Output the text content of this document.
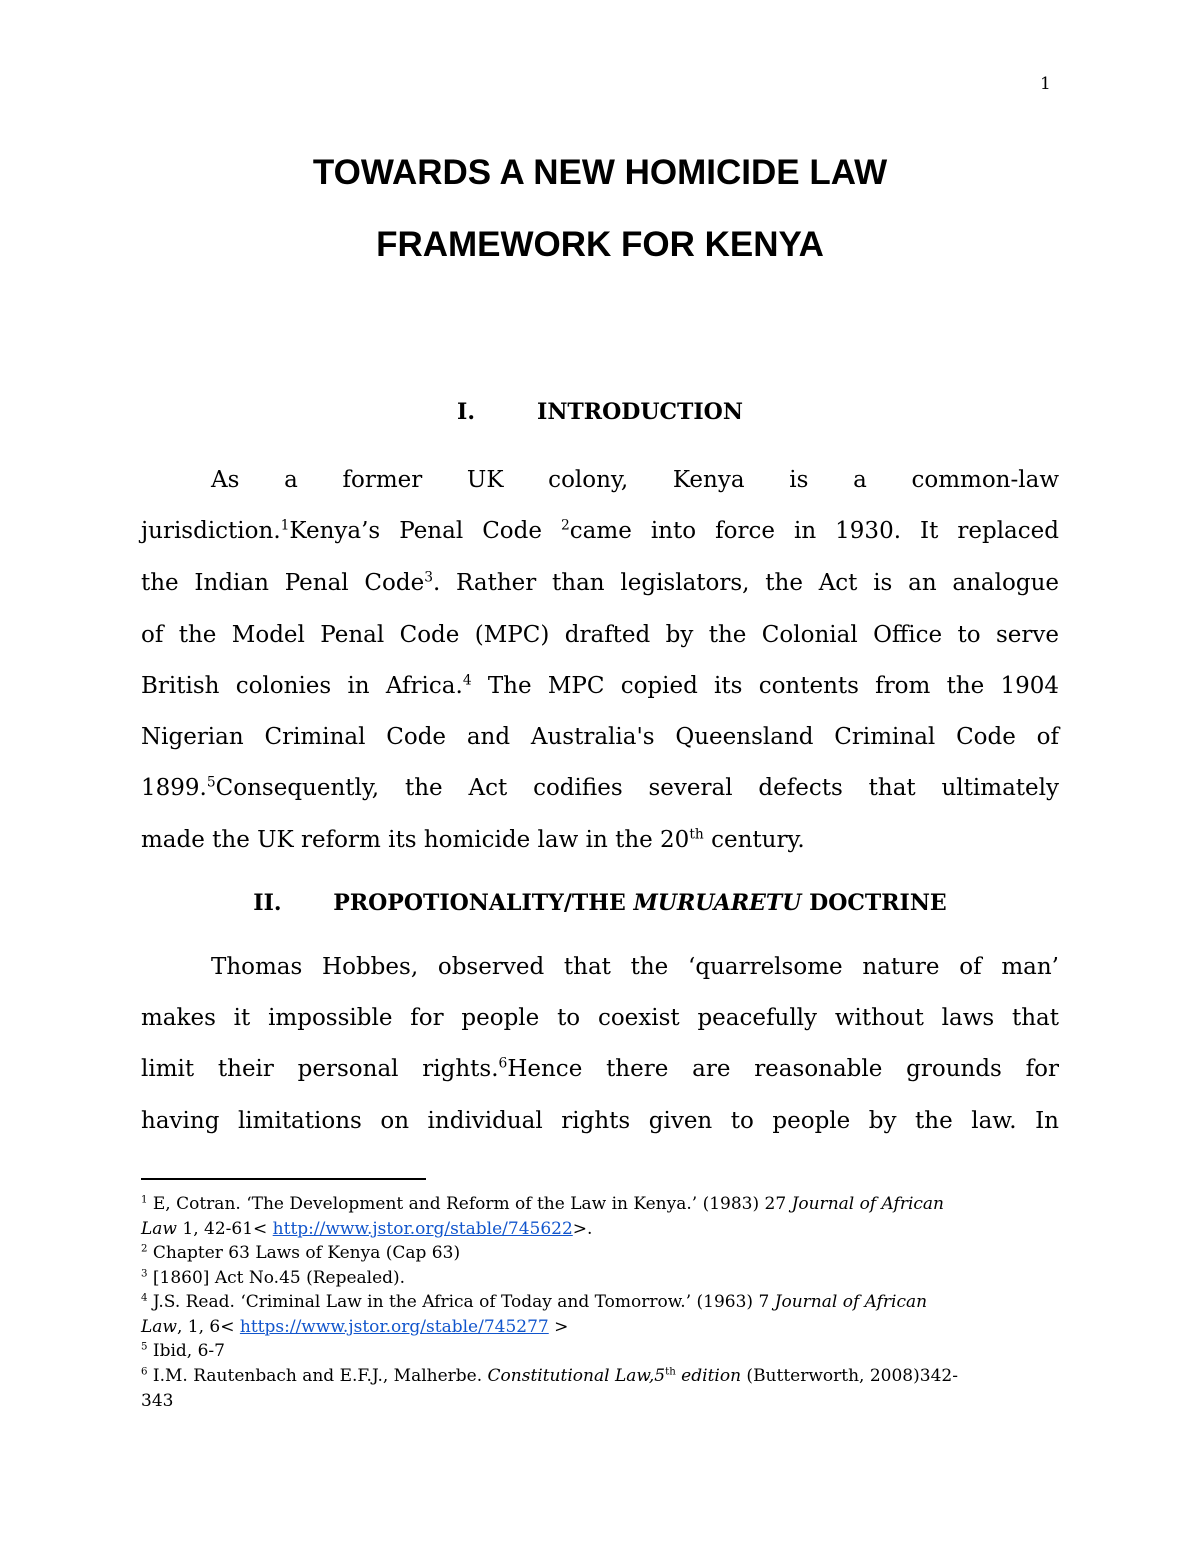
1
TOWARDS A NEW HOMICIDE LAW
FRAMEWORK FOR KENYA
I.	INTRODUCTION
As a former UK colony, Kenya is a common-law
jurisdiction.$^1$Kenya’s Penal Code $^2$came into force in 1930. It replaced
the Indian Penal Code$^3$. Rather than legislators, the Act is an analogue
of the Model Penal Code (MPC) drafted by the Colonial Office to serve
British colonies in Africa.$^4$ The MPC copied its contents from the 1904
Nigerian Criminal Code and Australia's Queensland Criminal Code of
1899.$^5$Consequently, the Act codifies several defects that ultimately
made the UK reform its homicide law in the 20th century.
II. PROPOTIONALITY/THE MURUARETU DOCTRINE
Thomas Hobbes, observed that the ‘quarrelsome nature of man’
makes it impossible for people to coexist peacefully without laws that
limit their personal rights.$^6$Hence there are reasonable grounds for
having limitations on individual rights given to people by the law. In
$^1$ E, Cotran. ‘The Development and Reform of the Law in Kenya.’ (1983) 27 Journal of African
Law 1, 42-61< http://www.jstor.org/stable/745622>.
$^2$ Chapter 63 Laws of Kenya (Cap 63)
$^3$ [1860] Act No.45 (Repealed).
$^4$ J.S. Read. ‘Criminal Law in the Africa of Today and Tomorrow.’ (1963) 7 Journal of African
Law, 1, 6< https://www.jstor.org/stable/745277 >
$^5$ Ibid, 6-7
$^6$ I.M. Rautenbach and E.F.J., Malherbe. Constitutional Law,5th edition (Butterworth, 2008)342-
343
